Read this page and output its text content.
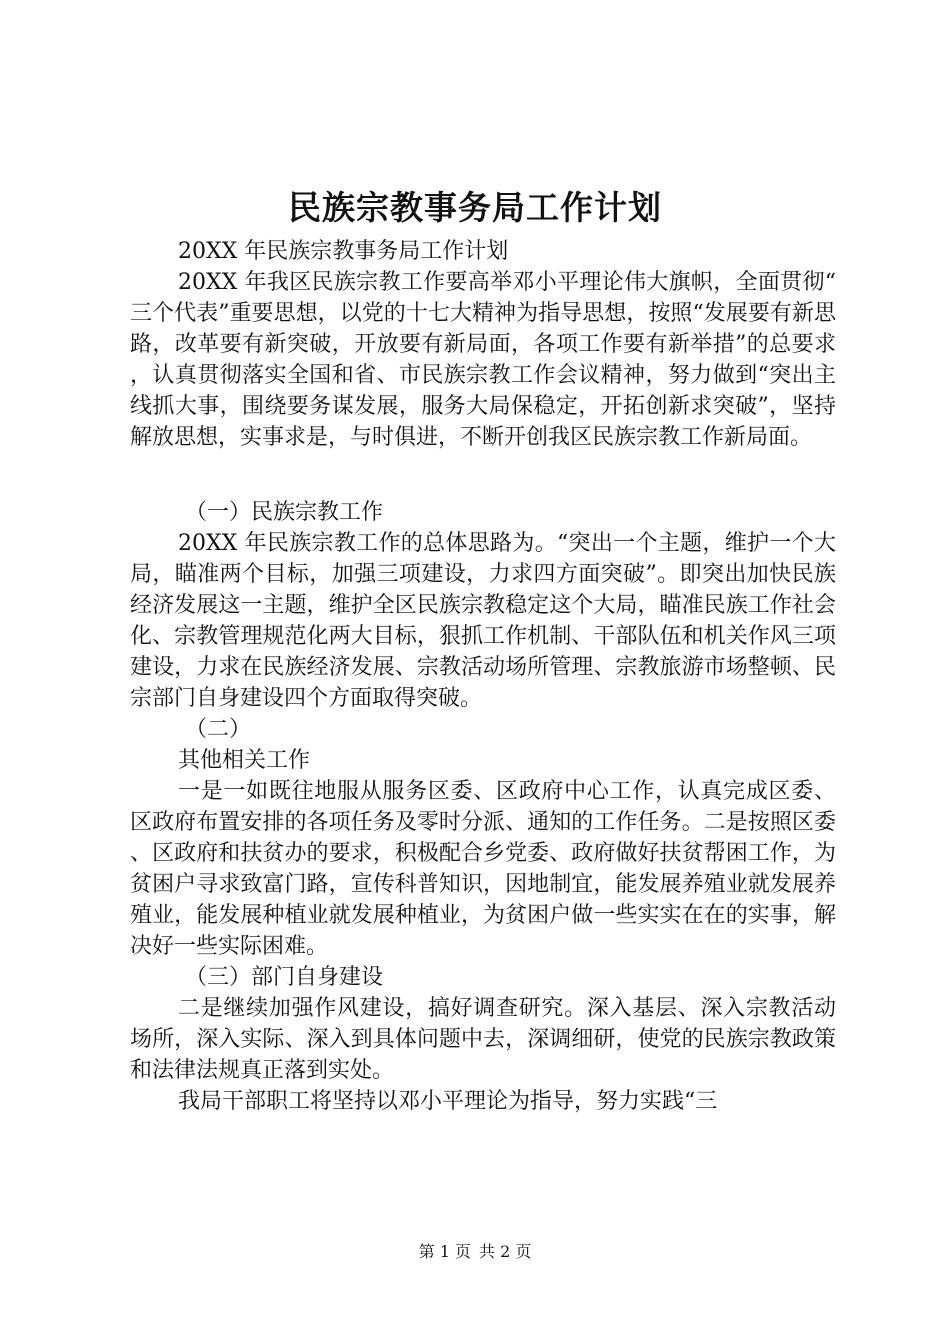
民族宗教事务局工作计划

20XX 年民族宗教事务局工作计划

20XX 年我区民族宗教工作要高举邓小平理论伟大旗帜，全面贯彻“三个代表”重要思想，以党的十七大精神为指导思想，按照“发展要有新思路，改革要有新突破，开放要有新局面，各项工作要有新举措”的总要求，认真贯彻落实全国和省、市民族宗教工作会议精神，努力做到“突出主线抓大事，围绕要务谋发展，服务大局保稳定，开拓创新求突破”，坚持解放思想，实事求是，与时俱进，不断开创我区民族宗教工作新局面。

（一）民族宗教工作

20XX 年民族宗教工作的总体思路为。“突出一个主题，维护一个大局，瞄准两个目标，加强三项建设，力求四方面突破”。即突出加快民族经济发展这一主题，维护全区民族宗教稳定这个大局，瞄准民族工作社会化、宗教管理规范化两大目标，狠抓工作机制、干部队伍和机关作风三项建设，力求在民族经济发展、宗教活动场所管理、宗教旅游市场整顿、民宗部门自身建设四个方面取得突破。

（二）

其他相关工作

一是一如既往地服从服务区委、区政府中心工作，认真完成区委、区政府布置安排的各项任务及零时分派、通知的工作任务。二是按照区委、区政府和扶贫办的要求，积极配合乡党委、政府做好扶贫帮困工作，为贫困户寻求致富门路，宣传科普知识，因地制宜，能发展养殖业就发展养殖业，能发展种植业就发展种植业，为贫困户做一些实实在在的实事，解决好一些实际困难。

（三）部门自身建设

二是继续加强作风建设，搞好调查研究。深入基层、深入宗教活动场所，深入实际、深入到具体问题中去，深调细研，使党的民族宗教政策和法律法规真正落到实处。

我局干部职工将坚持以邓小平理论为指导，努力实践“三

第 1 页 共 2 页
